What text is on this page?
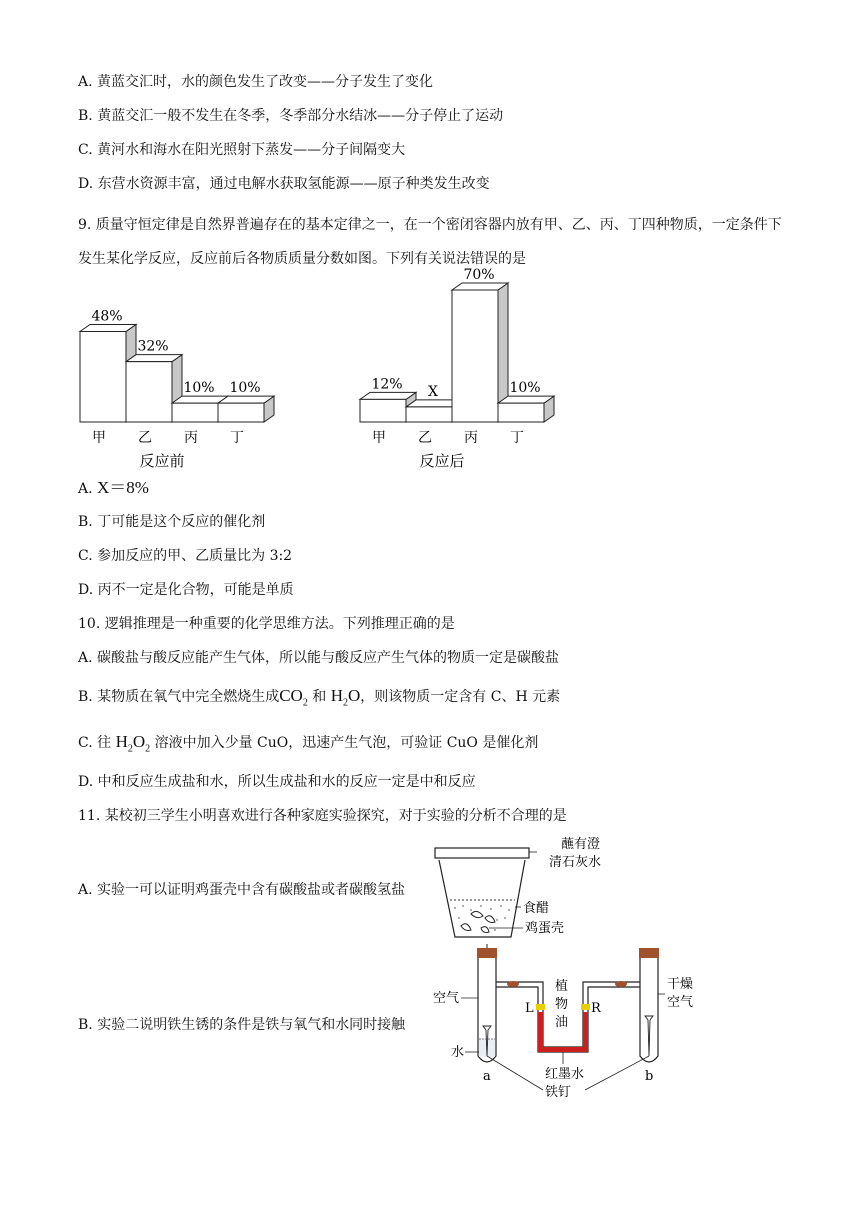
A. 黄蓝交汇时，水的颜色发生了改变——分子发生了变化
B. 黄蓝交汇一般不发生在冬季，冬季部分水结冰——分子停止了运动
C. 黄河水和海水在阳光照射下蒸发——分子间隔变大
D. 东营水资源丰富，通过电解水获取氢能源——原子种类发生改变
9. 质量守恒定律是自然界普遍存在的基本定律之一，在一个密闭容器内放有甲、乙、丙、丁四种物质，一定条件下发生某化学反应，反应前后各物质质量分数如图。下列有关说法错误的是
48%
甲
32%
乙
10%
丙
10%
丁
反应前
12%
甲
X
乙
70%
丙
10%
丁
反应后
A. X＝8%
B. 丁可能是这个反应的催化剂
C. 参加反应的甲、乙质量比为 3:2
D. 丙不一定是化合物，可能是单质
10. 逻辑推理是一种重要的化学思维方法。下列推理正确的是
A. 碳酸盐与酸反应能产生气体，所以能与酸反应产生气体的物质一定是碳酸盐
B. 某物质在氧气中完全燃烧生成$CO_2$ 和 $H_2O$，则该物质一定含有 C、H 元素
C. 往 $H_2O_2$ 溶液中加入少量 CuO，迅速产生气泡，可验证 CuO 是催化剂
D. 中和反应生成盐和水，所以生成盐和水的反应一定是中和反应
11. 某校初三学生小明喜欢进行各种家庭实验探究，对于实验的分析不合理的是
A. 实验一可以证明鸡蛋壳中含有碳酸盐或者碳酸氢盐
B. 实验二说明铁生锈的条件是铁与氧气和水同时接触
蘸有澄
清石灰水
食醋
鸡蛋壳
空气
水
a	b
L	R
植
物
油
干燥
空气
红墨水
铁钉
